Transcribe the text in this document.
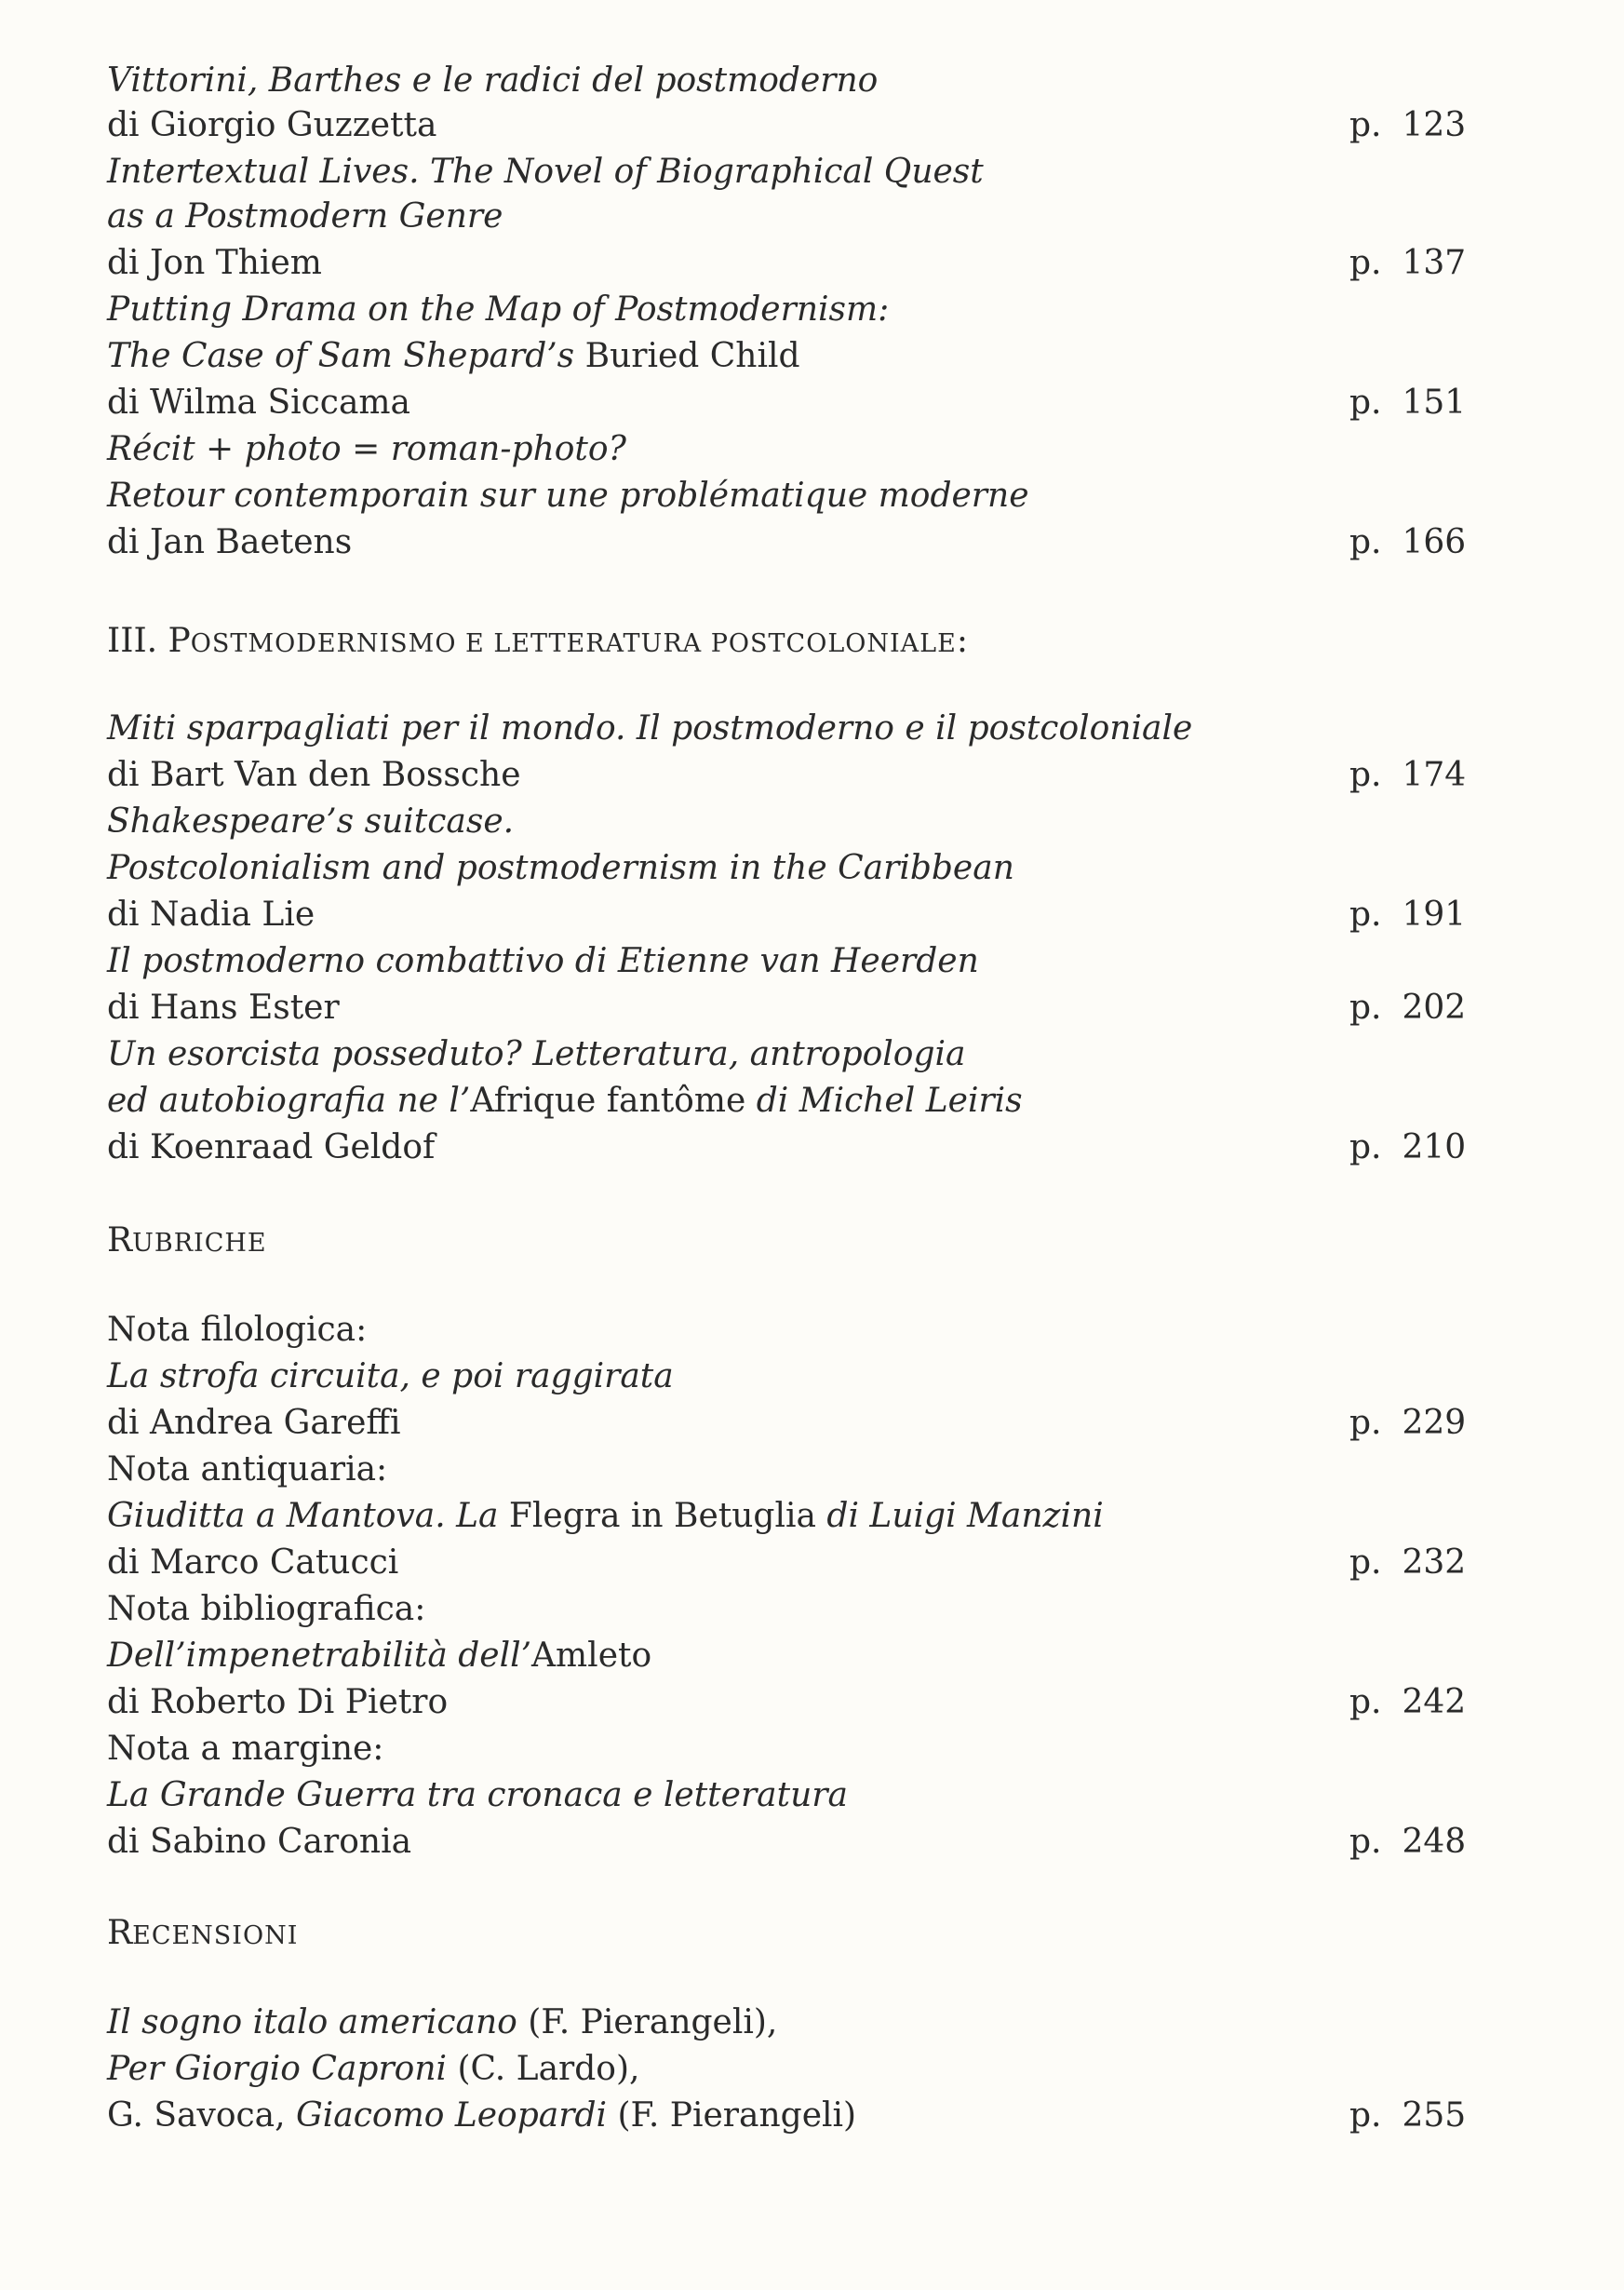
Vittorini, Barthes e le radici del postmoderno
di Giorgio Guzzetta	p. 123
Intertextual Lives. The Novel of Biographical Quest
as a Postmodern Genre
di Jon Thiem	p. 137
Putting Drama on the Map of Postmodernism:
The Case of Sam Shepard’s Buried Child
di Wilma Siccama	p. 151
Récit + photo = roman-photo?
Retour contemporain sur une problématique moderne
di Jan Baetens	p. 166
III. POSTMODERNISMO E LETTERATURA POSTCOLONIALE:
Miti sparpagliati per il mondo. Il postmoderno e il postcoloniale
di Bart Van den Bossche	p. 174
Shakespeare’s suitcase.
Postcolonialism and postmodernism in the Caribbean
di Nadia Lie	p. 191
Il postmoderno combattivo di Etienne van Heerden
di Hans Ester	p. 202
Un esorcista posseduto? Letteratura, antropologia
ed autobiografia ne l’Afrique fantôme di Michel Leiris
di Koenraad Geldof	p. 210
RUBRICHE
Nota filologica:
La strofa circuita, e poi raggirata
di Andrea Gareffi	p. 229
Nota antiquaria:
Giuditta a Mantova. La Flegra in Betuglia di Luigi Manzini
di Marco Catucci	p. 232
Nota bibliografica:
Dell’impenetrabilità dell’Amleto
di Roberto Di Pietro	p. 242
Nota a margine:
La Grande Guerra tra cronaca e letteratura
di Sabino Caronia	p. 248
RECENSIONI
Il sogno italo americano (F. Pierangeli),
Per Giorgio Caproni (C. Lardo),
G. Savoca, Giacomo Leopardi (F. Pierangeli)	p. 255
